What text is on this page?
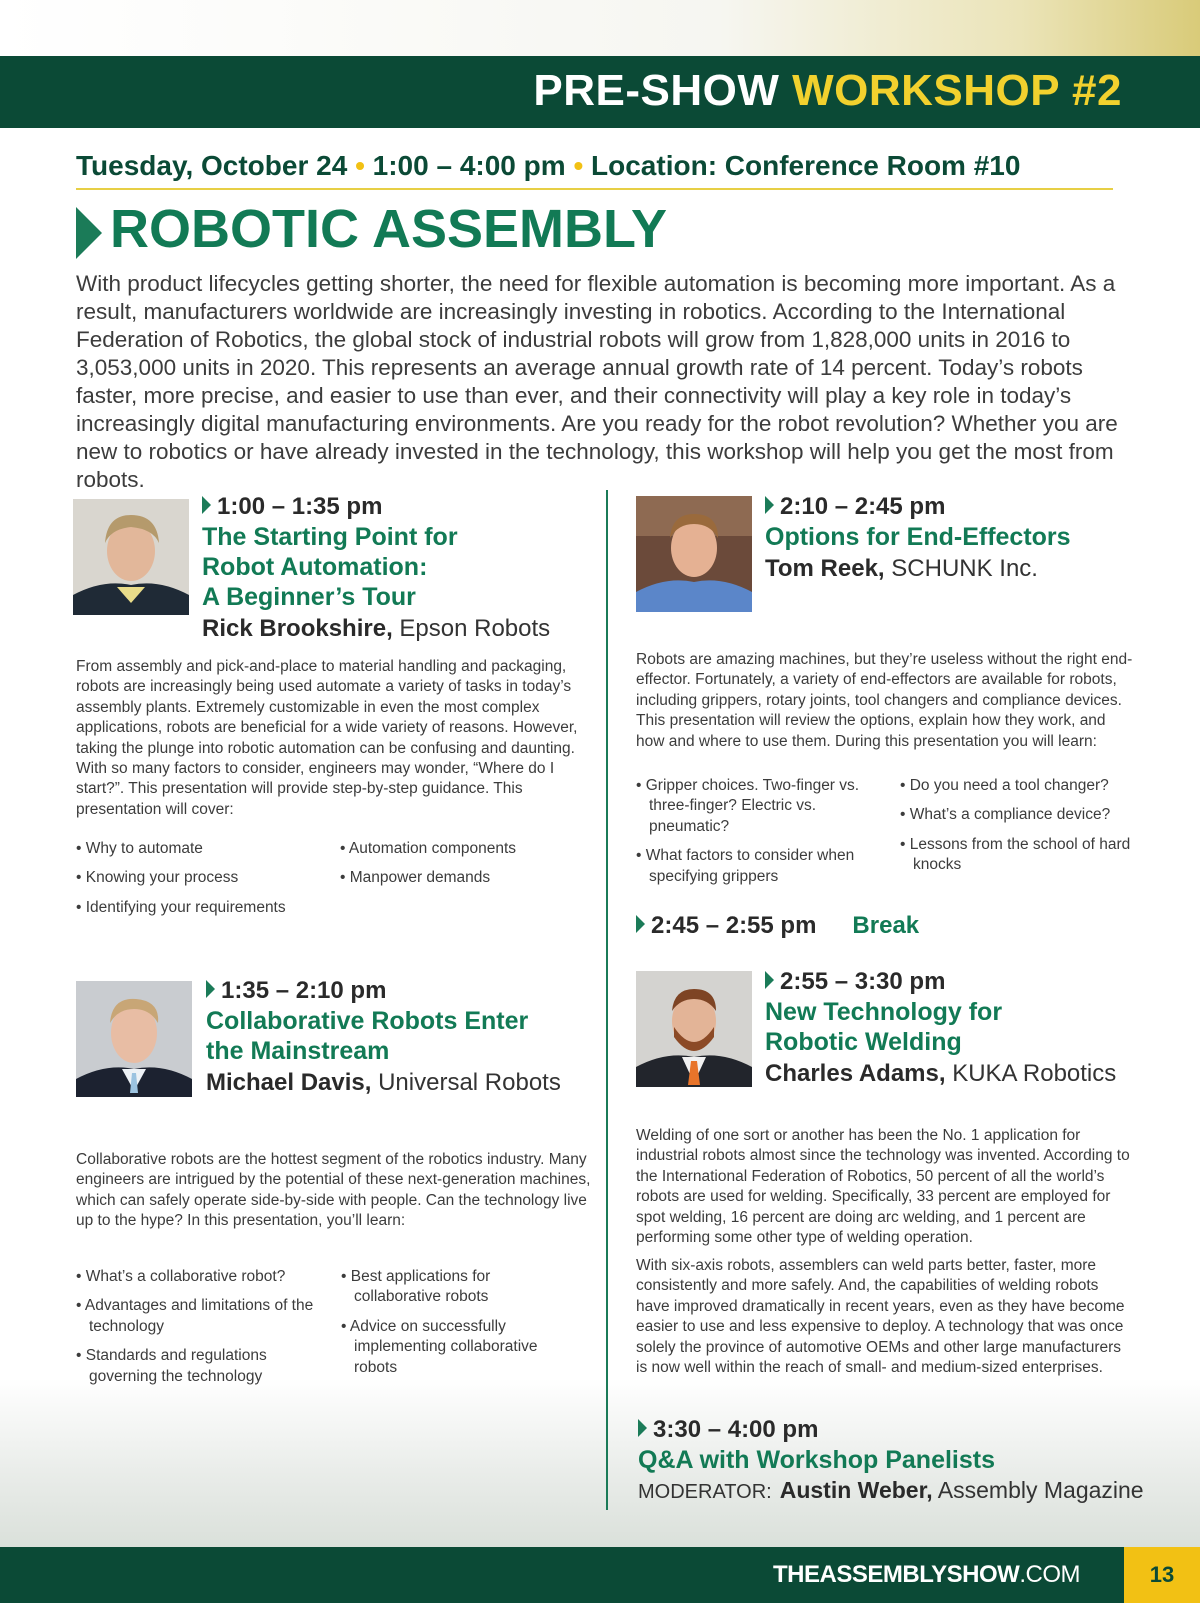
PRE-SHOW WORKSHOP #2
Tuesday, October 24 • 1:00 – 4:00 pm • Location: Conference Room #10
ROBOTIC ASSEMBLY

With product lifecycles getting shorter, the need for flexible automation is becoming more important. As a result, manufacturers worldwide are increasingly investing in robotics. According to the International Federation of Robotics, the global stock of industrial robots will grow from 1,828,000 units in 2016 to 3,053,000 units in 2020. This represents an average annual growth rate of 14 percent. Today’s robots faster, more precise, and easier to use than ever, and their connectivity will play a key role in today’s increasingly digital manufacturing environments. Are you ready for the robot revolution? Whether you are new to robotics or have already invested in the technology, this workshop will help you get the most from robots.

1:00 – 1:35 pm
The Starting Point for
Robot Automation:
A Beginner’s Tour
Rick Brookshire, Epson Robots

From assembly and pick-and-place to material handling and packaging, robots are increasingly being used automate a variety of tasks in today’s assembly plants. Extremely customizable in even the most complex applications, robots are beneficial for a wide variety of reasons. However, taking the plunge into robotic automation can be confusing and daunting. With so many factors to consider, engineers may wonder, “Where do I start?”. This presentation will provide step-by-step guidance. This presentation will cover:

• Why to automate
• Knowing your process
• Identifying your requirements
• Automation components
• Manpower demands
1:35 – 2:10 pm
Collaborative Robots Enter
the Mainstream
Michael Davis, Universal Robots

Collaborative robots are the hottest segment of the robotics industry. Many engineers are intrigued by the potential of these next-generation machines, which can safely operate side-by-side with people. Can the technology live up to the hype? In this presentation, you’ll learn:

• What’s a collaborative robot?
• Advantages and limitations of the technology
• Standards and regulations governing the technology
• Best applications for collaborative robots
• Advice on successfully implementing collaborative robots
2:10 – 2:45 pm
Options for End-Effectors
Tom Reek, SCHUNK Inc.

Robots are amazing machines, but they’re useless without the right end-effector. Fortunately, a variety of end-effectors are available for robots, including grippers, rotary joints, tool changers and compliance devices. This presentation will review the options, explain how they work, and how and where to use them. During this presentation you will learn:

• Gripper choices. Two-finger vs. three-finger? Electric vs. pneumatic?
• What factors to consider when specifying grippers
• Do you need a tool changer?
• What’s a compliance device?
• Lessons from the school of hard knocks
2:45 – 2:55 pm Break
2:55 – 3:30 pm
New Technology for
Robotic Welding
Charles Adams, KUKA Robotics

Welding of one sort or another has been the No. 1 application for industrial robots almost since the technology was invented. According to the International Federation of Robotics, 50 percent of all the world’s robots are used for welding. Specifically, 33 percent are employed for spot welding, 16 percent are doing arc welding, and 1 percent are performing some other type of welding operation.

With six-axis robots, assemblers can weld parts better, faster, more consistently and more safely. And, the capabilities of welding robots have improved dramatically in recent years, even as they have become easier to use and less expensive to deploy. A technology that was once solely the province of automotive OEMs and other large manufacturers is now well within the reach of small- and medium-sized enterprises.

3:30 – 4:00 pm
Q&A with Workshop Panelists
MODERATOR: Austin Weber, Assembly Magazine
THEASSEMBLYSHOW.COM	13
